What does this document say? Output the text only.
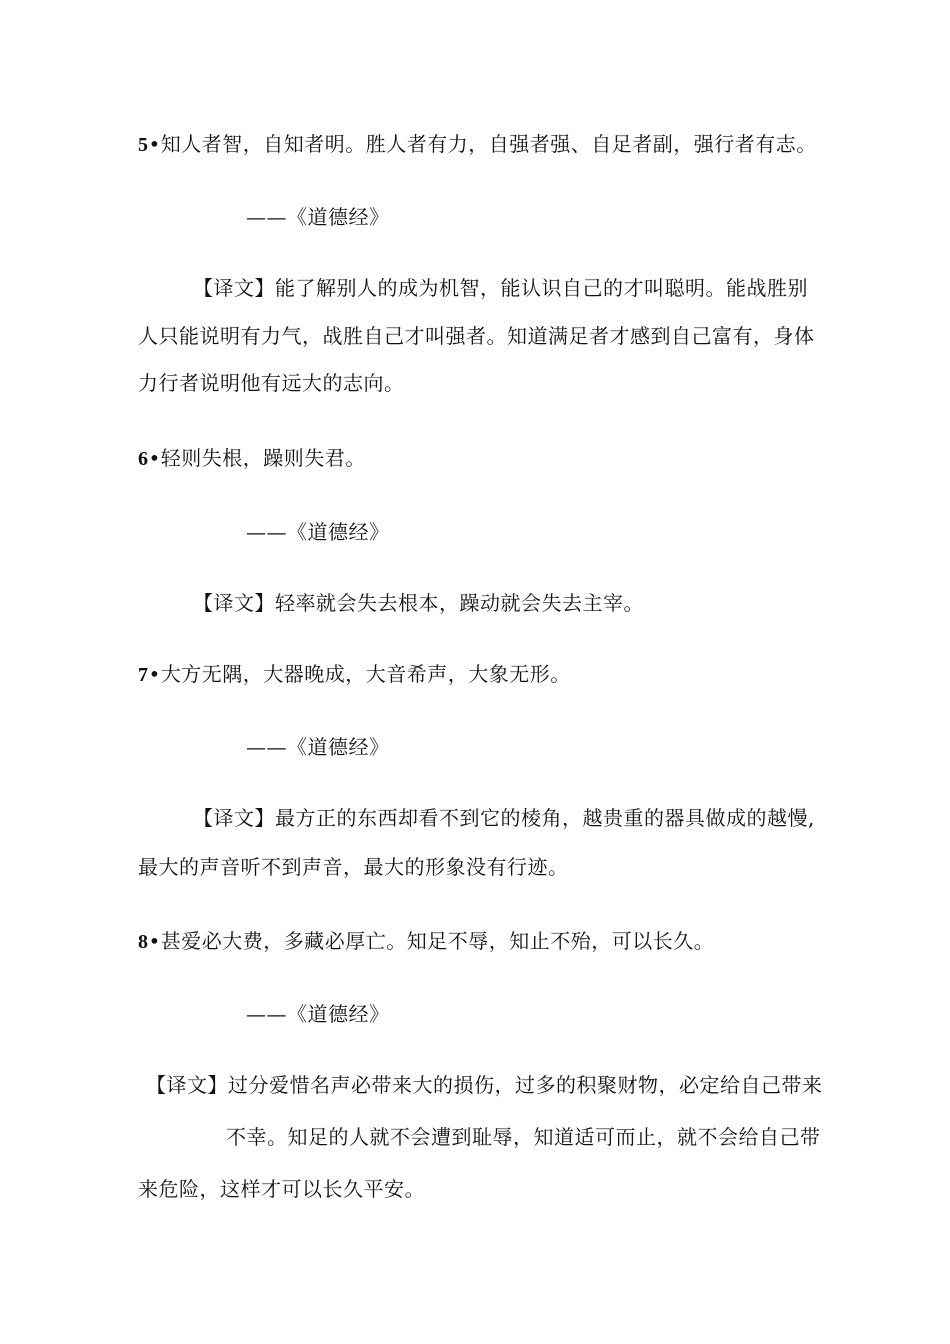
5•知人者智，自知者明。胜人者有力，自强者强、自足者副，强行者有志。
——《道德经》
【译文】能了解别人的成为机智，能认识自己的才叫聪明。能战胜别
人只能说明有力气，战胜自己才叫强者。知道满足者才感到自己富有，身体
力行者说明他有远大的志向。
6•轻则失根，躁则失君。
——《道德经》
【译文】轻率就会失去根本，躁动就会失去主宰。
7•大方无隅，大器晚成，大音希声，大象无形。
——《道德经》
【译文】最方正的东西却看不到它的棱角，越贵重的器具做成的越慢,
最大的声音听不到声音，最大的形象没有行迹。
8•甚爱必大费，多藏必厚亡。知足不辱，知止不殆，可以长久。
——《道德经》
【译文】过分爱惜名声必带来大的损伤，过多的积聚财物，必定给自己带来
不幸。知足的人就不会遭到耻辱，知道适可而止，就不会给自己带
来危险，这样才可以长久平安。
